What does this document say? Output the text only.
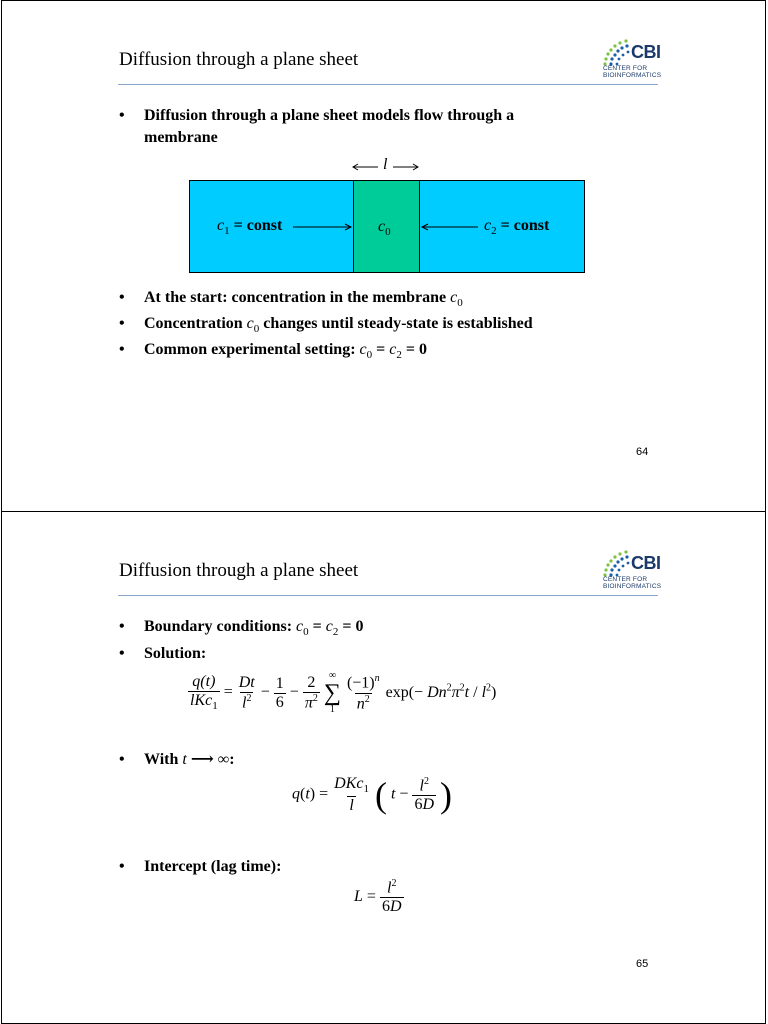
Diffusion through a plane sheet	CBI
CENTER FOR
BIOINFORMATICS
• Diffusion through a plane sheet models flow through a
membrane
l
$c_0$
$c_1$ = const	$c_2$ = const
• At the start: concentration in the membrane $c_0$
• Concentration $c_0$ changes until steady-state is established
• Common experimental setting: $c_0 = c_2 = 0$
64
Diffusion through a plane sheet	CBI
CENTER FOR
BIOINFORMATICS
• Boundary conditions: $c_0 = c_2 = 0$
• Solution:
$\frac{q(t)}{lKc_1} = \frac{Dt}{l^2} - \frac{1}{6} - \frac{2}{\pi^2}$
∞
∑
1
$\frac{(-1)^n}{n^2} \exp(- Dn^2\pi^2t / l^2)$
• With t ⟶ ∞:
$q(t) = \frac{DKc_1}{l}$ ( $t - \frac{l^2}{6D}$ )
• Intercept (lag time):
$L = \frac{l^2}{6D}$
65
